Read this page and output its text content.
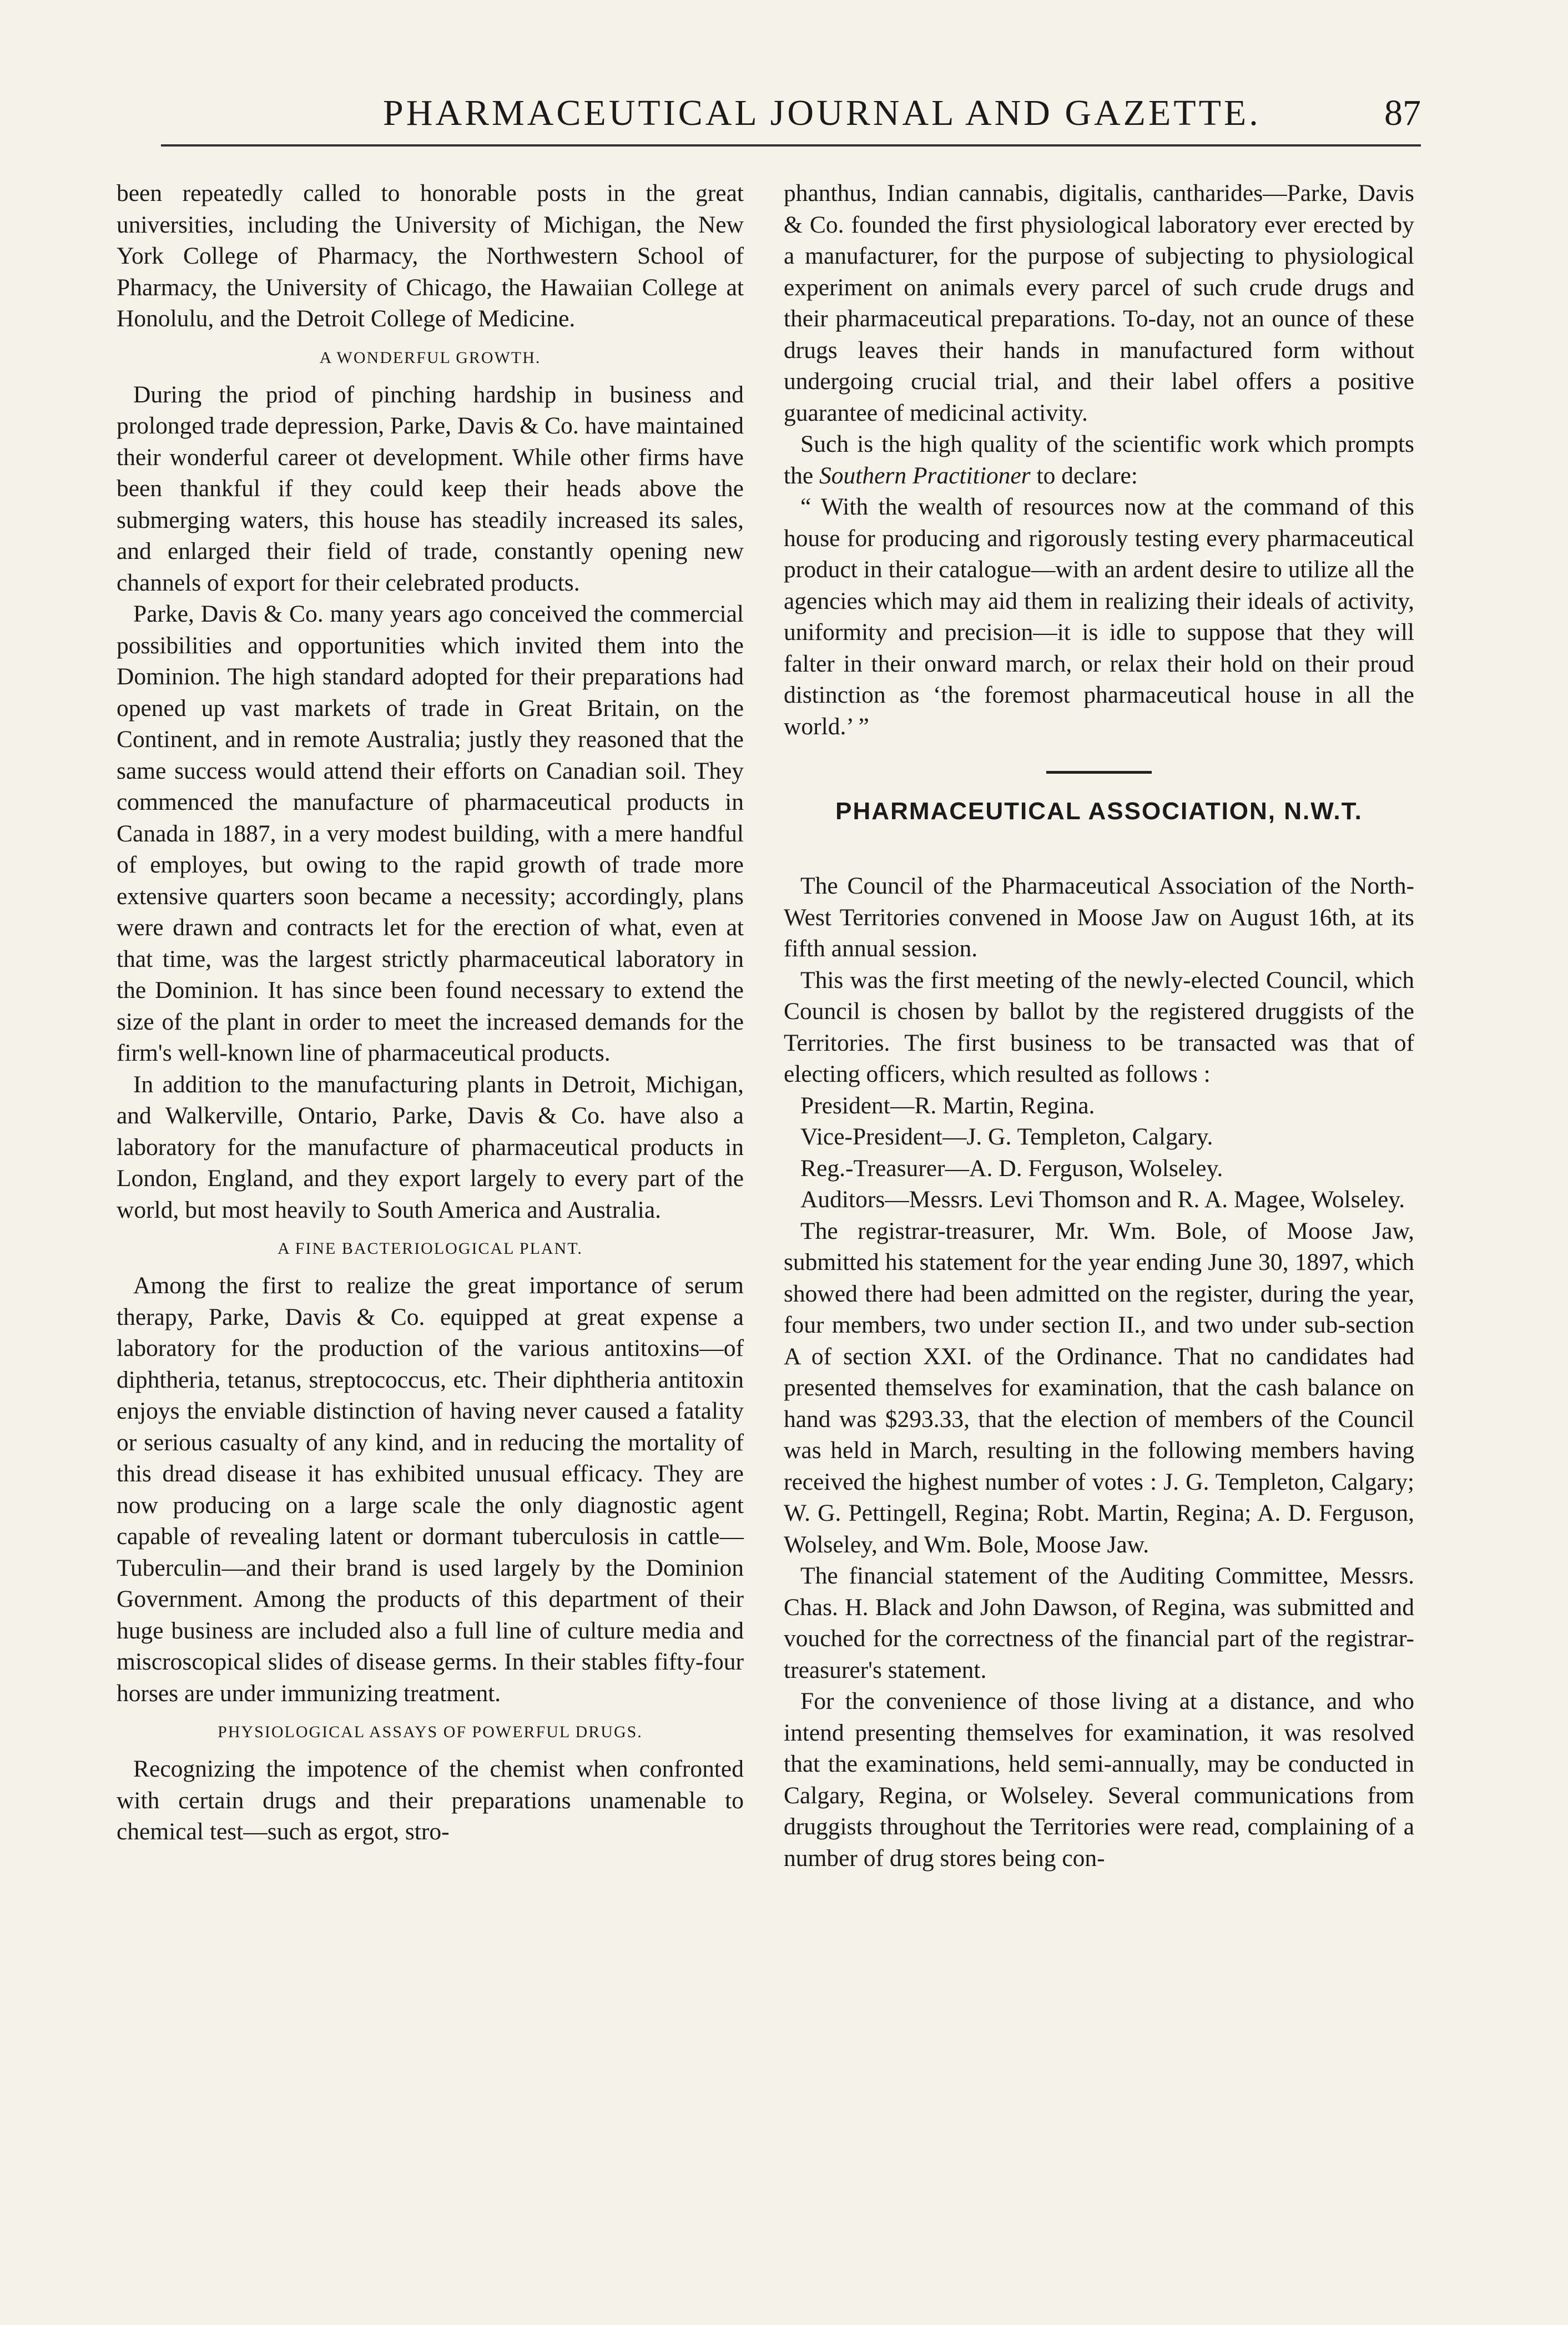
PHARMACEUTICAL JOURNAL AND GAZETTE.	87

been repeatedly called to honorable posts in the great universities, including the University of Michigan, the New York College of Pharmacy, the Northwestern School of Pharmacy, the University of Chicago, the Hawaiian College at Honolulu, and the Detroit College of Medicine.

A WONDERFUL GROWTH.

During the priod of pinching hardship in business and prolonged trade depression, Parke, Davis & Co. have maintained their wonderful career ot development. While other firms have been thankful if they could keep their heads above the submerging waters, this house has steadily increased its sales, and enlarged their field of trade, constantly opening new channels of export for their celebrated products.

Parke, Davis & Co. many years ago conceived the commercial possibilities and opportunities which invited them into the Dominion. The high standard adopted for their preparations had opened up vast markets of trade in Great Britain, on the Continent, and in remote Australia; justly they reasoned that the same success would attend their efforts on Canadian soil. They commenced the manufacture of pharmaceutical products in Canada in 1887, in a very modest building, with a mere handful of employes, but owing to the rapid growth of trade more extensive quarters soon became a necessity; accordingly, plans were drawn and contracts let for the erection of what, even at that time, was the largest strictly pharmaceutical laboratory in the Dominion. It has since been found necessary to extend the size of the plant in order to meet the increased demands for the firm's well-known line of pharmaceutical products.

In addition to the manufacturing plants in Detroit, Michigan, and Walkerville, Ontario, Parke, Davis & Co. have also a laboratory for the manufacture of pharmaceutical products in London, England, and they export largely to every part of the world, but most heavily to South America and Australia.

A FINE BACTERIOLOGICAL PLANT.

Among the first to realize the great importance of serum therapy, Parke, Davis & Co. equipped at great expense a laboratory for the production of the various antitoxins—of diphtheria, tetanus, streptococcus, etc. Their diphtheria antitoxin enjoys the enviable distinction of having never caused a fatality or serious casualty of any kind, and in reducing the mortality of this dread disease it has exhibited unusual efficacy. They are now producing on a large scale the only diagnostic agent capable of revealing latent or dormant tuberculosis in cattle—Tuberculin—and their brand is used largely by the Dominion Government. Among the products of this department of their huge business are included also a full line of culture media and miscroscopical slides of disease germs. In their stables fifty-four horses are under immunizing treatment.

PHYSIOLOGICAL ASSAYS OF POWERFUL DRUGS.

Recognizing the impotence of the chemist when confronted with certain drugs and their preparations unamenable to chemical test—such as ergot, stro-

phanthus, Indian cannabis, digitalis, cantharides—Parke, Davis & Co. founded the first physiological laboratory ever erected by a manufacturer, for the purpose of subjecting to physiological experiment on animals every parcel of such crude drugs and their pharmaceutical preparations. To-day, not an ounce of these drugs leaves their hands in manufactured form without undergoing crucial trial, and their label offers a positive guarantee of medicinal activity.

Such is the high quality of the scientific work which prompts the Southern Practitioner to declare:

“ With the wealth of resources now at the command of this house for producing and rigorously testing every pharmaceutical product in their catalogue—with an ardent desire to utilize all the agencies which may aid them in realizing their ideals of activity, uniformity and precision—it is idle to suppose that they will falter in their onward march, or relax their hold on their proud distinction as ‘the foremost pharmaceutical house in all the world.’ ”

PHARMACEUTICAL ASSOCIATION, N.W.T.

The Council of the Pharmaceutical Association of the North-West Territories convened in Moose Jaw on August 16th, at its fifth annual session.

This was the first meeting of the newly-elected Council, which Council is chosen by ballot by the registered druggists of the Territories. The first business to be transacted was that of electing officers, which resulted as follows :

President—R. Martin, Regina.

Vice-President—J. G. Templeton, Calgary.

Reg.-Treasurer—A. D. Ferguson, Wolseley.

Auditors—Messrs. Levi Thomson and R. A. Magee, Wolseley.

The registrar-treasurer, Mr. Wm. Bole, of Moose Jaw, submitted his statement for the year ending June 30, 1897, which showed there had been admitted on the register, during the year, four members, two under section II., and two under sub-section A of section XXI. of the Ordinance. That no candidates had presented themselves for examination, that the cash balance on hand was $293.33, that the election of members of the Council was held in March, resulting in the following members having received the highest number of votes : J. G. Templeton, Calgary; W. G. Pettingell, Regina; Robt. Martin, Regina; A. D. Ferguson, Wolseley, and Wm. Bole, Moose Jaw.

The financial statement of the Auditing Committee, Messrs. Chas. H. Black and John Dawson, of Regina, was submitted and vouched for the correctness of the financial part of the registrar-treasurer's statement.

For the convenience of those living at a distance, and who intend presenting themselves for examination, it was resolved that the examinations, held semi-annually, may be conducted in Calgary, Regina, or Wolseley. Several communications from druggists throughout the Territories were read, complaining of a number of drug stores being con-
